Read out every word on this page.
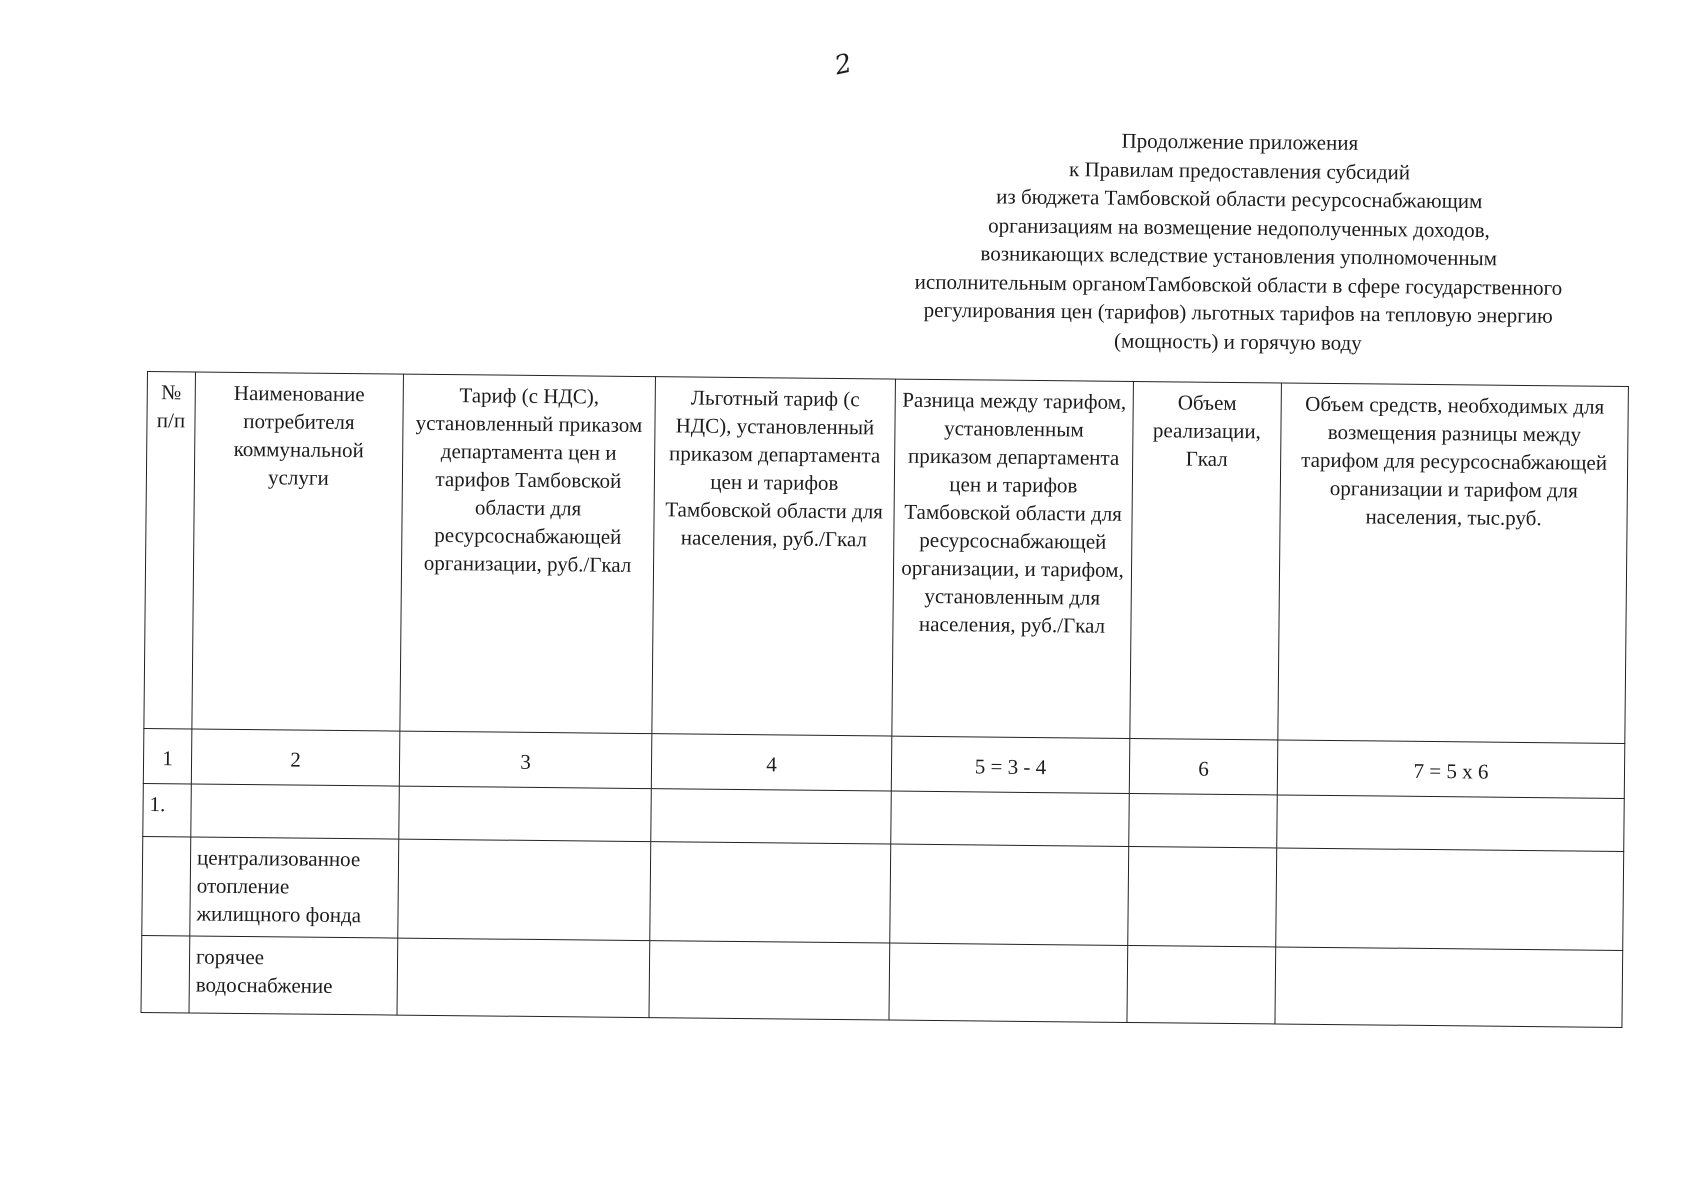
2
Продолжение приложения
к Правилам предоставления субсидий
из бюджета Тамбовской области ресурсоснабжающим
организациям на возмещение недополученных доходов,
возникающих вследствие установления уполномоченным
исполнительным органомТамбовской области в сфере государственного
регулирования цен (тарифов) льготных тарифов на тепловую энергию
(мощность) и горячую воду
№ п/п	Наименование потребителя коммунальной услуги	Тариф (с НДС), установленный приказом департамента цен и тарифов Тамбовской области для ресурсоснабжающей организации, руб./Гкал	Льготный тариф (с НДС), установленный приказом департамента цен и тарифов Тамбовской области для населения, руб./Гкал	Разница между тарифом, установленным приказом департамента цен и тарифов Тамбовской области для ресурсоснабжающей организации, и тарифом, установленным для населения, руб./Гкал	Объем реализации, Гкал	Объем средств, необходимых для возмещения разницы между тарифом для ресурсоснабжающей организации и тарифом для населения, тыс.руб.
1	2	3	4	5 = 3 - 4	6	7 = 5 x 6
1.						
	централизованное отопление жилищного фонда					
	горячее водоснабжение					
